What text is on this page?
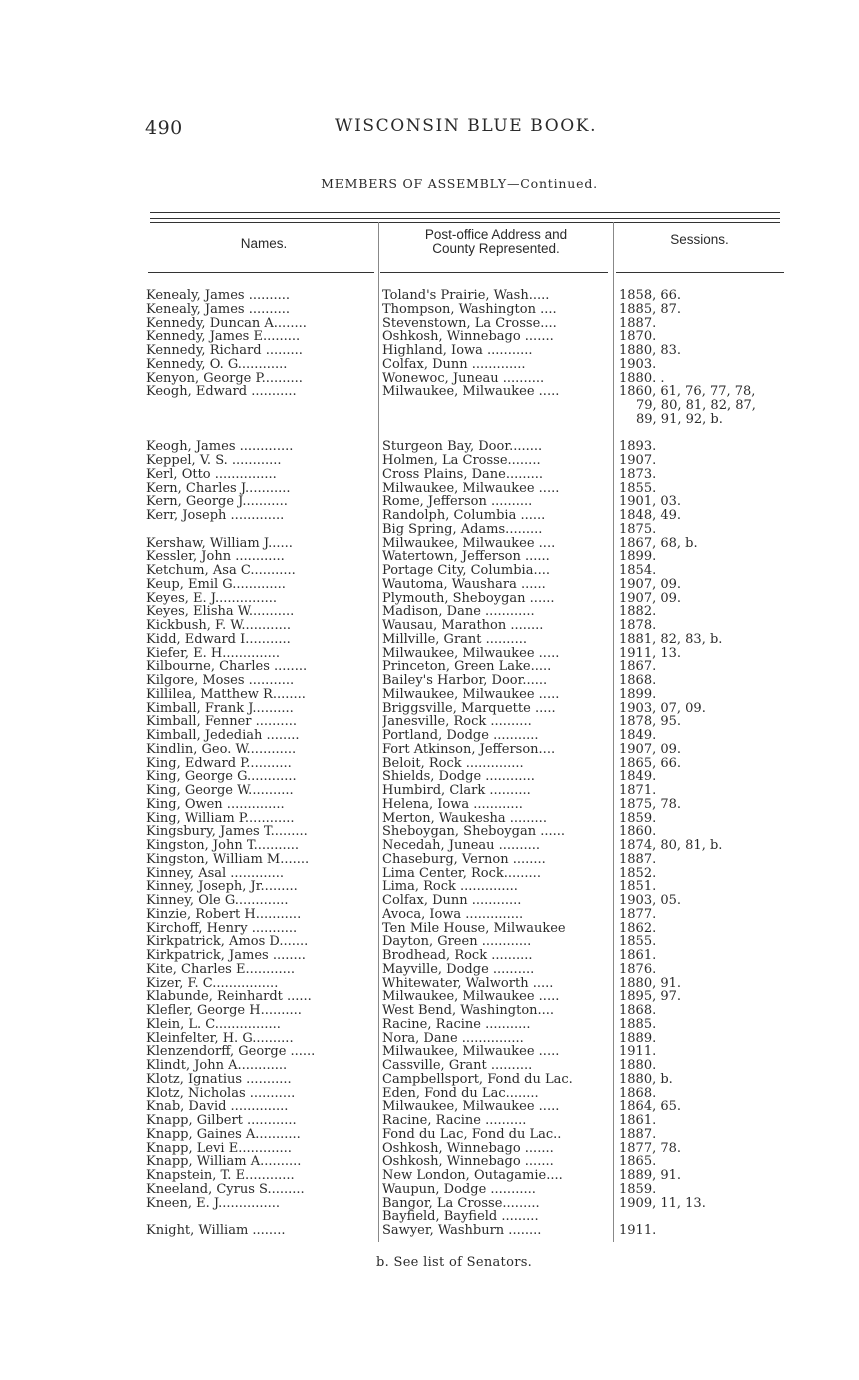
490	WISCONSIN BLUE BOOK.
MEMBERS OF ASSEMBLY—Continued.
Names.
Post-office Address and
County Represented.
Sessions.
Kenealy, James ..........	Toland's Prairie, Wash.....	1858, 66.
Kenealy, James ..........	Thompson, Washington ....	1885, 87.
Kennedy, Duncan A........	Stevenstown, La Crosse....	1887.
Kennedy, James E.........	Oshkosh, Winnebago .......	1870.
Kennedy, Richard .........	Highland, Iowa ...........	1880, 83.
Kennedy, O. G............	Colfax, Dunn .............	1903.
Kenyon, George P..........	Wonewoc, Juneau ..........	1880. .
Keogh, Edward ...........	Milwaukee, Milwaukee .....	1860, 61, 76, 77, 78,
79, 80, 81, 82, 87,
89, 91, 92, b.
Keogh, James .............	Sturgeon Bay, Door........	1893.
Keppel, V. S. ............	Holmen, La Crosse........	1907.
Kerl, Otto ...............	Cross Plains, Dane.........	1873.
Kern, Charles J...........	Milwaukee, Milwaukee .....	1855.
Kern, George J...........	Rome, Jefferson ..........	1901, 03.
Kerr, Joseph .............	Randolph, Columbia ......	1848, 49.
Big Spring, Adams.........	1875.
Kershaw, William J......	Milwaukee, Milwaukee ....	1867, 68, b.
Kessler, John ............	Watertown, Jefferson ......	1899.
Ketchum, Asa C...........	Portage City, Columbia....	1854.
Keup, Emil G.............	Wautoma, Waushara ......	1907, 09.
Keyes, E. J...............	Plymouth, Sheboygan ......	1907, 09.
Keyes, Elisha W...........	Madison, Dane ............	1882.
Kickbush, F. W............	Wausau, Marathon ........	1878.
Kidd, Edward I...........	Millville, Grant ..........	1881, 82, 83, b.
Kiefer, E. H..............	Milwaukee, Milwaukee .....	1911, 13.
Kilbourne, Charles ........	Princeton, Green Lake.....	1867.
Kilgore, Moses ...........	Bailey's Harbor, Door......	1868.
Killilea, Matthew R........	Milwaukee, Milwaukee .....	1899.
Kimball, Frank J..........	Briggsville, Marquette .....	1903, 07, 09.
Kimball, Fenner ..........	Janesville, Rock ..........	1878, 95.
Kimball, Jedediah ........	Portland, Dodge ...........	1849.
Kindlin, Geo. W............	Fort Atkinson, Jefferson....	1907, 09.
King, Edward P...........	Beloit, Rock ..............	1865, 66.
King, George G............	Shields, Dodge ............	1849.
King, George W...........	Humbird, Clark ..........	1871.
King, Owen ..............	Helena, Iowa ............	1875, 78.
King, William P............	Merton, Waukesha .........	1859.
Kingsbury, James T.........	Sheboygan, Sheboygan ......	1860.
Kingston, John T...........	Necedah, Juneau ..........	1874, 80, 81, b.
Kingston, William M.......	Chaseburg, Vernon ........	1887.
Kinney, Asal .............	Lima Center, Rock.........	1852.
Kinney, Joseph, Jr.........	Lima, Rock ..............	1851.
Kinney, Ole G.............	Colfax, Dunn ............	1903, 05.
Kinzie, Robert H...........	Avoca, Iowa ..............	1877.
Kirchoff, Henry ...........	Ten Mile House, Milwaukee	1862.
Kirkpatrick, Amos D.......	Dayton, Green ............	1855.
Kirkpatrick, James ........	Brodhead, Rock ..........	1861.
Kite, Charles E............	Mayville, Dodge ..........	1876.
Kizer, F. C................	Whitewater, Walworth .....	1880, 91.
Klabunde, Reinhardt ......	Milwaukee, Milwaukee .....	1895, 97.
Klefler, George H..........	West Bend, Washington....	1868.
Klein, L. C................	Racine, Racine ...........	1885.
Kleinfelter, H. G..........	Nora, Dane ...............	1889.
Klenzendorff, George ......	Milwaukee, Milwaukee .....	1911.
Klindt, John A............	Cassville, Grant ..........	1880.
Klotz, Ignatius ...........	Campbellsport, Fond du Lac.	1880, b.
Klotz, Nicholas ...........	Eden, Fond du Lac........	1868.
Knab, David ..............	Milwaukee, Milwaukee .....	1864, 65.
Knapp, Gilbert ............	Racine, Racine ..........	1861.
Knapp, Gaines A...........	Fond du Lac, Fond du Lac..	1887.
Knapp, Levi E.............	Oshkosh, Winnebago .......	1877, 78.
Knapp, William A..........	Oshkosh, Winnebago .......	1865.
Knapstein, T. E............	New London, Outagamie....	1889, 91.
Kneeland, Cyrus S.........	Waupun, Dodge ...........	1859.
Kneen, E. J...............	Bangor, La Crosse.........	1909, 11, 13.
Bayfield, Bayfield .........
Knight, William ........	Sawyer, Washburn ........	1911.
b. See list of Senators.
